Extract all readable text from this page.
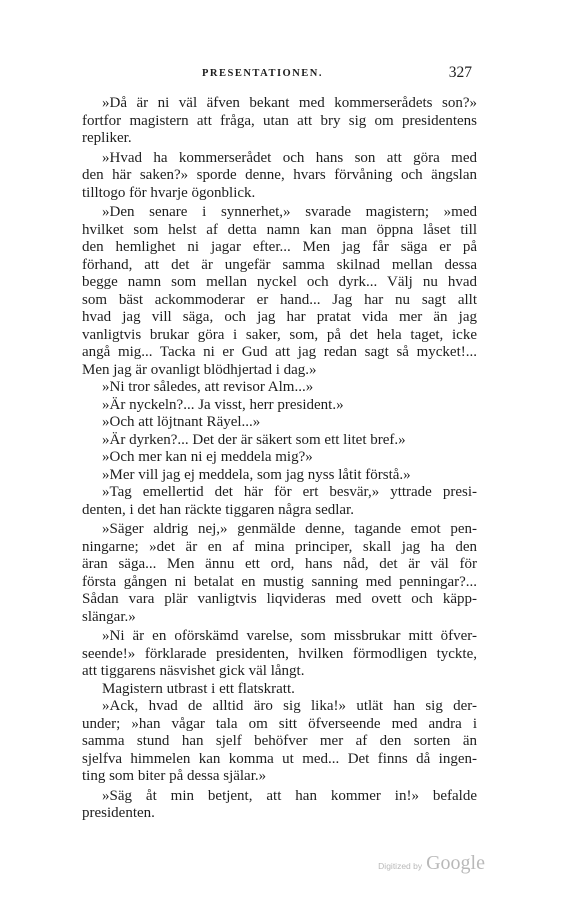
PRESENTATIONEN.	327
»Då är ni väl äfven bekant med kommerserådets son?»
fortfor magistern att fråga, utan att bry sig om presidentens
repliker.
»Hvad ha kommerserådet och hans son att göra med
den här saken?» sporde denne, hvars förvåning och ängslan
tilltogo för hvarje ögonblick.
»Den senare i synnerhet,» svarade magistern; »med
hvilket som helst af detta namn kan man öppna låset till
den hemlighet ni jagar efter... Men jag får säga er på
förhand, att det är ungefär samma skilnad mellan dessa
begge namn som mellan nyckel och dyrk... Välj nu hvad
som bäst ackommoderar er hand... Jag har nu sagt allt
hvad jag vill säga, och jag har pratat vida mer än jag
vanligtvis brukar göra i saker, som, på det hela taget, icke
angå mig... Tacka ni er Gud att jag redan sagt så mycket!...
Men jag är ovanligt blödhjertad i dag.»
»Ni tror således, att revisor Alm...»
»Är nyckeln?... Ja visst, herr president.»
»Och att löjtnant Räyel...»
»Är dyrken?... Det der är säkert som ett litet bref.»
»Och mer kan ni ej meddela mig?»
»Mer vill jag ej meddela, som jag nyss låtit förstå.»
»Tag emellertid det här för ert besvär,» yttrade presi-
denten, i det han räckte tiggaren några sedlar.
»Säger aldrig nej,» genmälde denne, tagande emot pen-
ningarne; »det är en af mina principer, skall jag ha den
äran säga... Men ännu ett ord, hans nåd, det är väl för
första gången ni betalat en mustig sanning med penningar?...
Sådan vara plär vanligtvis liqvideras med ovett och käpp-
slängar.»
»Ni är en oförskämd varelse, som missbrukar mitt öfver-
seende!» förklarade presidenten, hvilken förmodligen tyckte,
att tiggarens näsvishet gick väl långt.
Magistern utbrast i ett flatskratt.
»Ack, hvad de alltid äro sig lika!» utlät han sig der-
under; »han vågar tala om sitt öfverseende med andra i
samma stund han sjelf behöfver mer af den sorten än
sjelfva himmelen kan komma ut med... Det finns då ingen-
ting som biter på dessa själar.»
»Säg åt min betjent, att han kommer in!» befalde
presidenten.
Digitized by Google
